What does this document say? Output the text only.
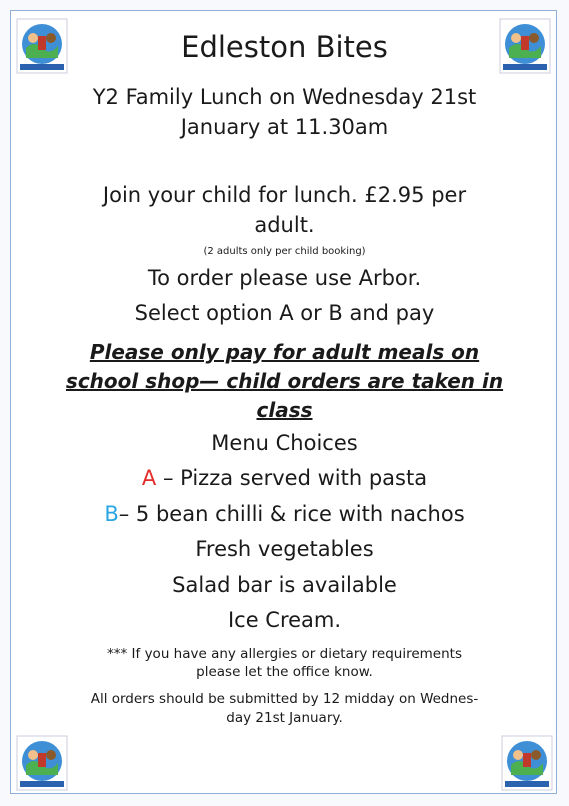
Edleston Bites
Y2 Family Lunch on Wednesday 21st
January at 11.30am
Join your child for lunch. £2.95 per
adult.
(2 adults only per child booking)
To order please use Arbor.
Select option A or B and pay
Please only pay for adult meals on
school shop— child orders are taken in
class
Menu Choices
A – Pizza served with pasta
B– 5 bean chilli & rice with nachos
Fresh vegetables
Salad bar is available
Ice Cream.
*** If you have any allergies or dietary requirements
please let the office know.
All orders should be submitted by 12 midday on Wednes-
day 21st January.
